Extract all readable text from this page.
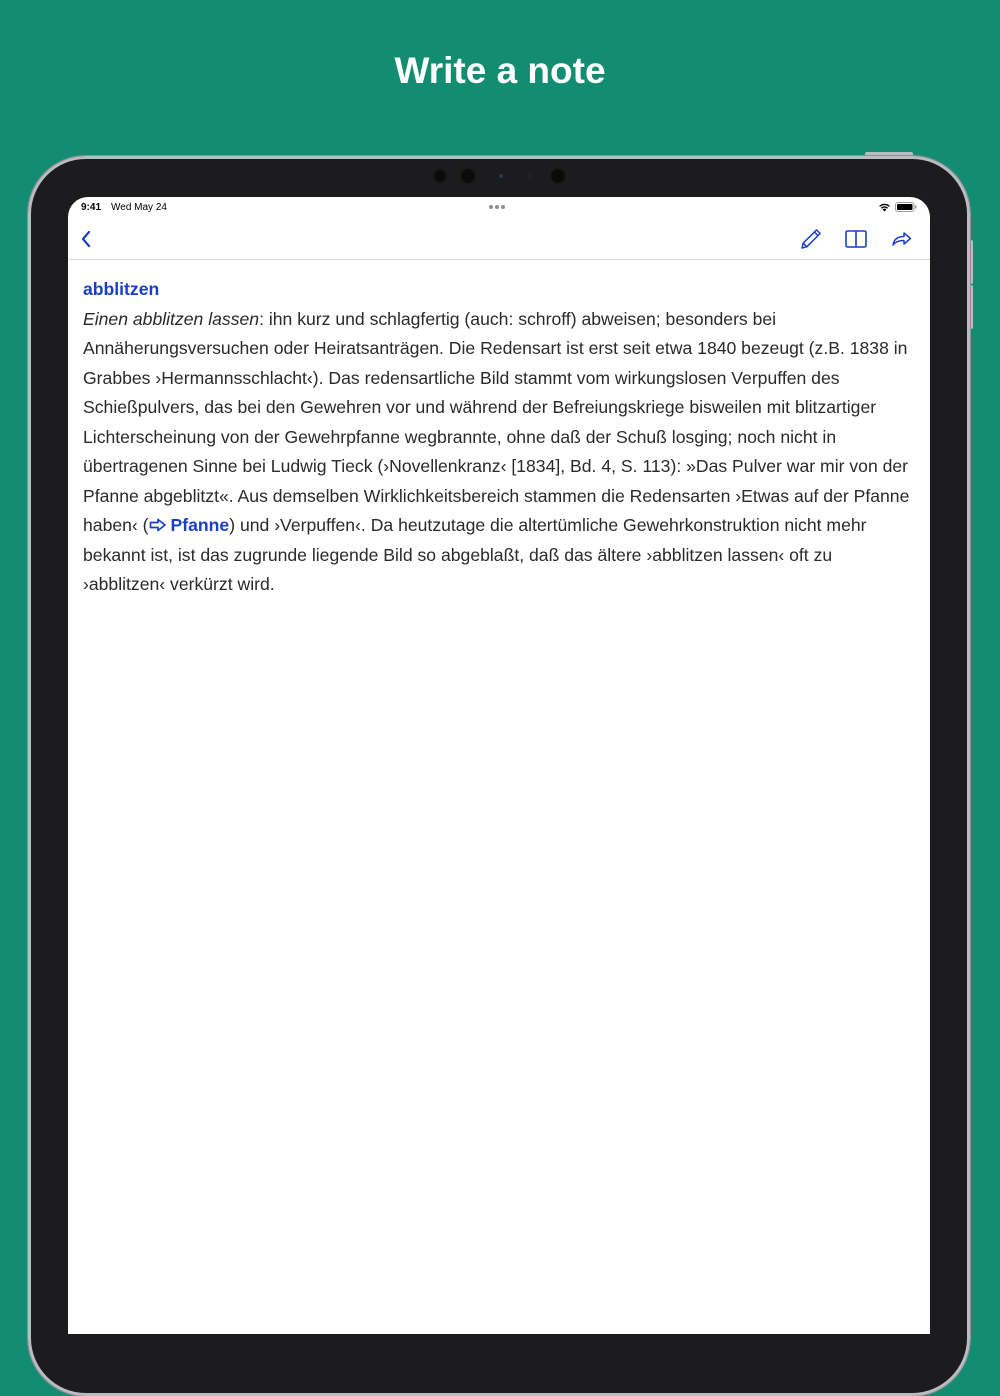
Write a note
9:41 Wed May 24
abblitzen

Einen abblitzen lassen: ihn kurz und schlagfertig (auch: schroff) abweisen; besonders bei Annäherungsversuchen oder Heiratsanträgen. Die Redensart ist erst seit etwa 1840 bezeugt (z.B. 1838 in Grabbes ›Hermannsschlacht‹). Das redensartliche Bild stammt vom wirkungslosen Verpuffen des Schießpulvers, das bei den Gewehren vor und während der Befreiungskriege bisweilen mit blitzartiger Lichterscheinung von der Gewehrpfanne wegbrannte, ohne daß der Schuß losging; noch nicht in übertragenen Sinne bei Ludwig Tieck (›Novellenkranz‹ [1834], Bd. 4, S. 113): »Das Pulver war mir von der Pfanne abgeblitzt«. Aus demselben Wirklichkeitsbereich stammen die Redensarten ›Etwas auf der Pfanne haben‹ ( Pfanne) und ›Verpuffen‹. Da heutzutage die altertümliche Gewehrkonstruktion nicht mehr bekannt ist, ist das zugrunde liegende Bild so abgeblaßt, daß das ältere ›abblitzen lassen‹ oft zu ›abblitzen‹ verkürzt wird.
